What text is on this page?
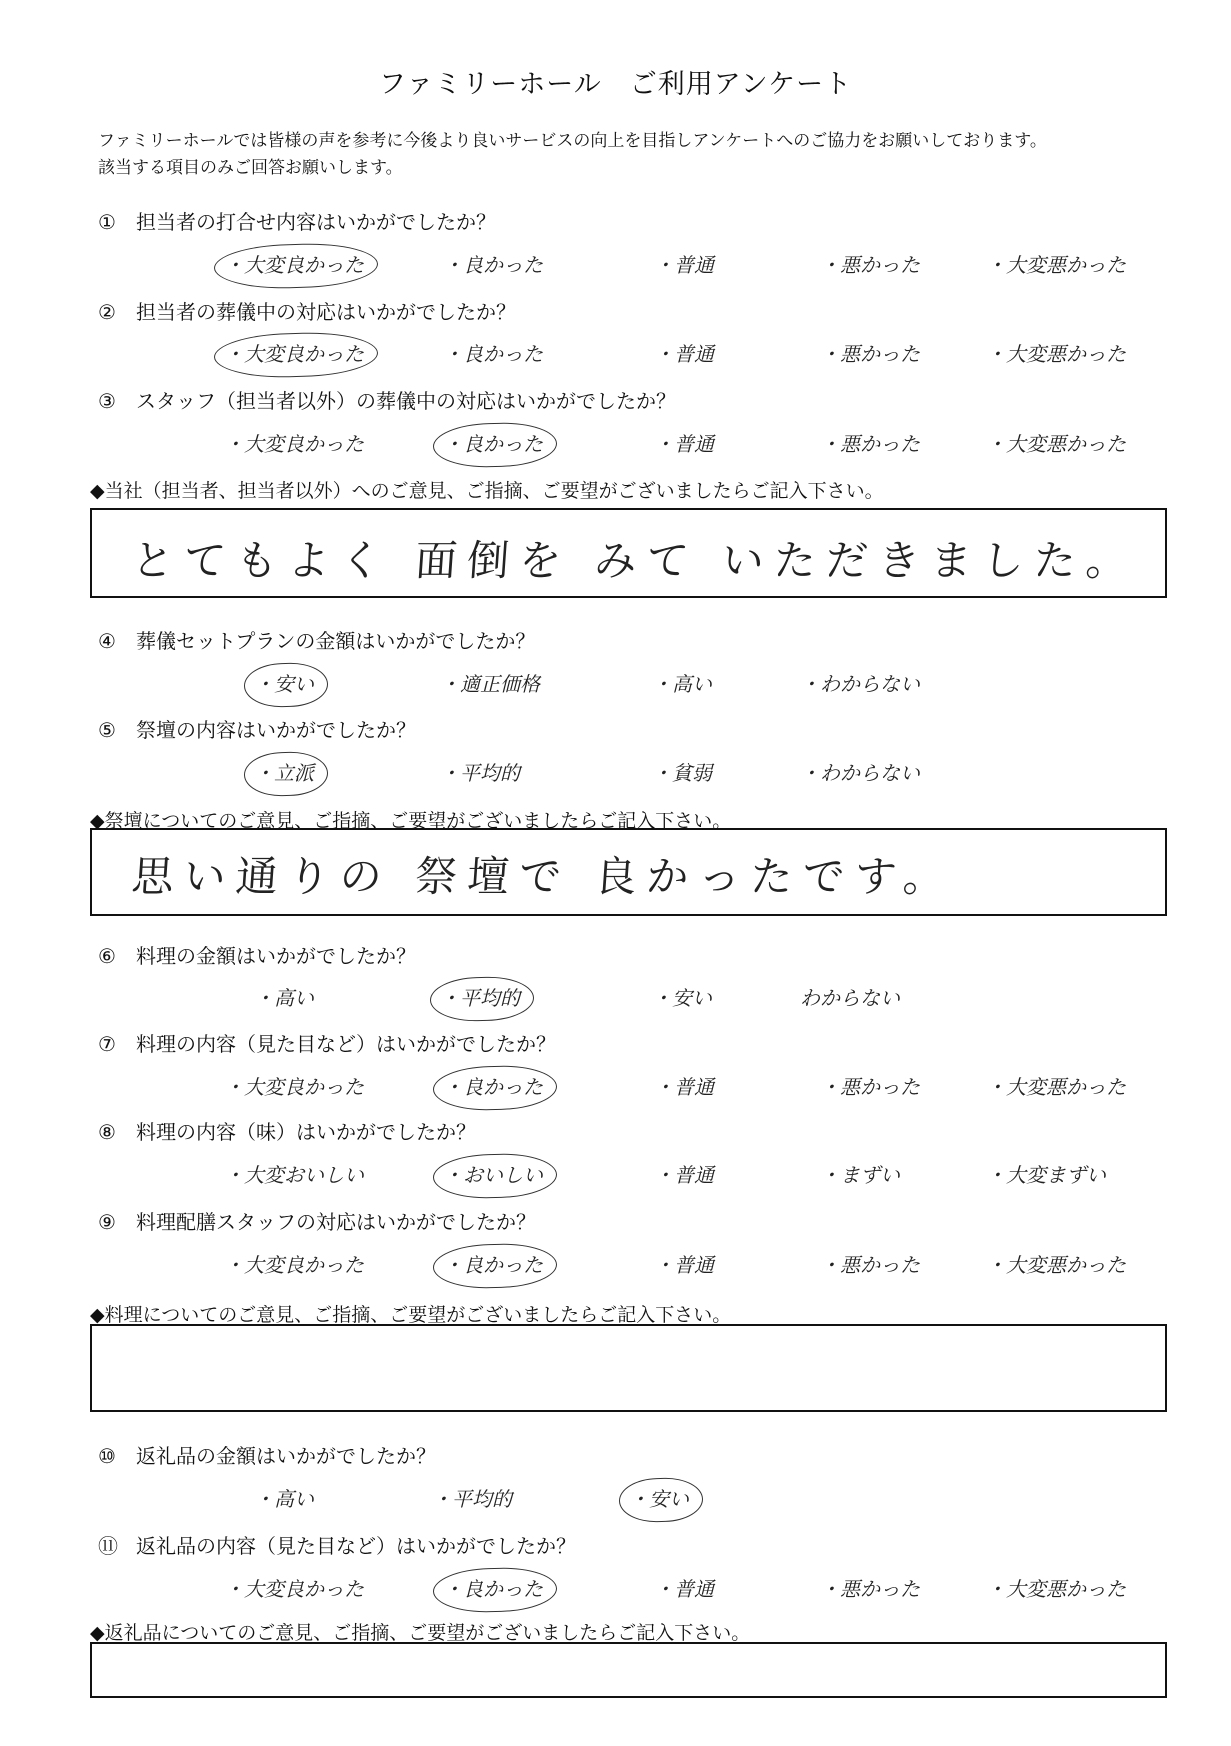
ファミリーホール　ご利用アンケート
ファミリーホールでは皆様の声を参考に今後より良いサービスの向上を目指しアンケートへのご協力をお願いしております。
該当する項目のみご回答お願いします。
① 担当者の打合せ内容はいかがでしたか？
・大変良かった	・良かった	・普通	・悪かった	・大変悪かった
② 担当者の葬儀中の対応はいかがでしたか？
・大変良かった	・良かった	・普通	・悪かった	・大変悪かった
③ スタッフ（担当者以外）の葬儀中の対応はいかがでしたか？
・大変良かった	・良かった	・普通	・悪かった	・大変悪かった
④ 葬儀セットプランの金額はいかがでしたか？
・安い	・適正価格	・高い	・わからない
⑤ 祭壇の内容はいかがでしたか？
・立派	・平均的	・貧弱	・わからない
⑥ 料理の金額はいかがでしたか？
・高い	・平均的	・安い	わからない
⑦ 料理の内容（見た目など）はいかがでしたか？
・大変良かった	・良かった	・普通	・悪かった	・大変悪かった
⑧ 料理の内容（味）はいかがでしたか？
・大変おいしい	・おいしい	・普通	・まずい	・大変まずい
⑨ 料理配膳スタッフの対応はいかがでしたか？
・大変良かった	・良かった	・普通	・悪かった	・大変悪かった
⑩ 返礼品の金額はいかがでしたか？
・高い	・平均的	・安い
⑪ 返礼品の内容（見た目など）はいかがでしたか？
・大変良かった	・良かった	・普通	・悪かった	・大変悪かった
◆当社（担当者、担当者以外）へのご意見、ご指摘、ご要望がございましたらご記入下さい。
とてもよく 面倒を みて いただきました。
◆祭壇についてのご意見、ご指摘、ご要望がございましたらご記入下さい。
思い通りの 祭壇で 良かったです。
◆料理についてのご意見、ご指摘、ご要望がございましたらご記入下さい。
◆返礼品についてのご意見、ご指摘、ご要望がございましたらご記入下さい。
